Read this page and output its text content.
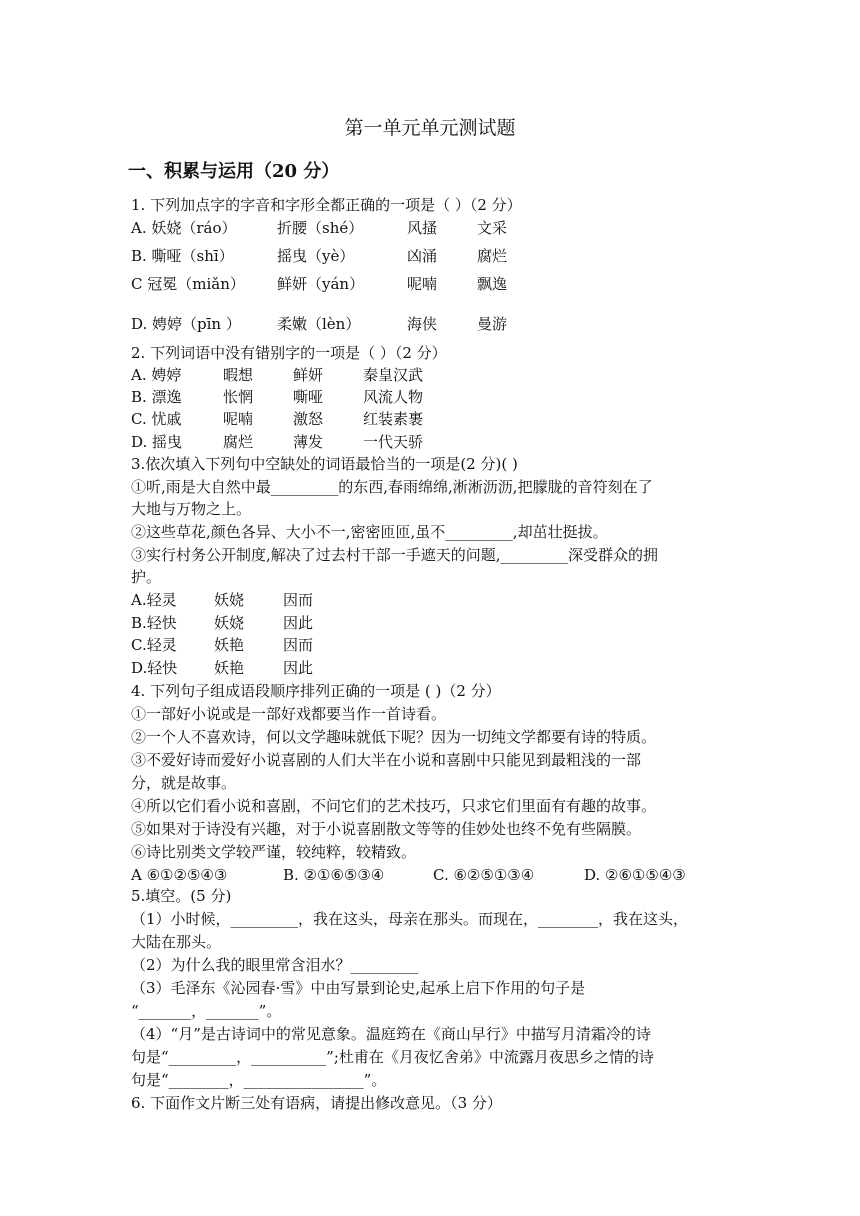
第一单元单元测试题
一、积累与运用（20 分）
1. 下列加点字的字音和字形全都正确的一项是（ ）（2 分）
A. 妖娆（ráo）	折腰（shé）	风搔	文采
B. 嘶哑（shī）	摇曳（yè）	凶涌	腐烂
C 冠冕（miǎn） 鲜妍（yán）	呢喃	飘逸
D. 娉婷（pīn ） 柔嫩（lèn）	海侠	曼游
2. 下列词语中没有错别字的一项是（ ）（2 分）
A. 娉婷	暇想	鲜妍	秦皇汉武
B. 漂逸	怅惘	嘶哑	风流人物
C. 忧戚	呢喃	激怒	红装素裹
D. 摇曳	腐烂	薄发	一代天骄
3.依次填入下列句中空缺处的词语最恰当的一项是(2 分)( )
①听,雨是大自然中最_________的东西,春雨绵绵,淅淅沥沥,把朦胧的音符刻在了
大地与万物之上。
②这些草花,颜色各异、大小不一,密密匝匝,虽不_________,却茁壮挺拔。
③实行村务公开制度,解决了过去村干部一手遮天的问题,_________深受群众的拥
护。
A.轻灵 妖娆	因而
B.轻快 妖娆	因此
C.轻灵 妖艳	因而
D.轻快 妖艳	因此
4. 下列句子组成语段顺序排列正确的一项是 ( )（2 分）
①一部好小说或是一部好戏都要当作一首诗看。
②一个人不喜欢诗，何以文学趣味就低下呢？因为一切纯文学都要有诗的特质。
③不爱好诗而爱好小说喜剧的人们大半在小说和喜剧中只能见到最粗浅的一部
分，就是故事。
④所以它们看小说和喜剧，不问它们的艺术技巧，只求它们里面有有趣的故事。
⑤如果对于诗没有兴趣，对于小说喜剧散文等等的佳妙处也终不免有些隔膜。
⑥诗比别类文学较严谨，较纯粹，较精致。
A ⑥①②⑤④③	B. ②①⑥⑤③④	C. ⑥②⑤①③④	D. ②⑥①⑤④③
5.填空。(5 分)
（1）小时候，_________，我在这头，母亲在那头。而现在，________，我在这头，
大陆在那头。
（2）为什么我的眼里常含泪水？_________
（3）毛泽东《沁园春·雪》中由写景到论史,起承上启下作用的句子是
“_______，_______”。
（4）“月”是古诗词中的常见意象。温庭筠在《商山早行》中描写月清霜冷的诗
句是“_________，__________”;杜甫在《月夜忆舍弟》中流露月夜思乡之情的诗
句是“________，________________”。
6. 下面作文片断三处有语病，请提出修改意见。（3 分）
